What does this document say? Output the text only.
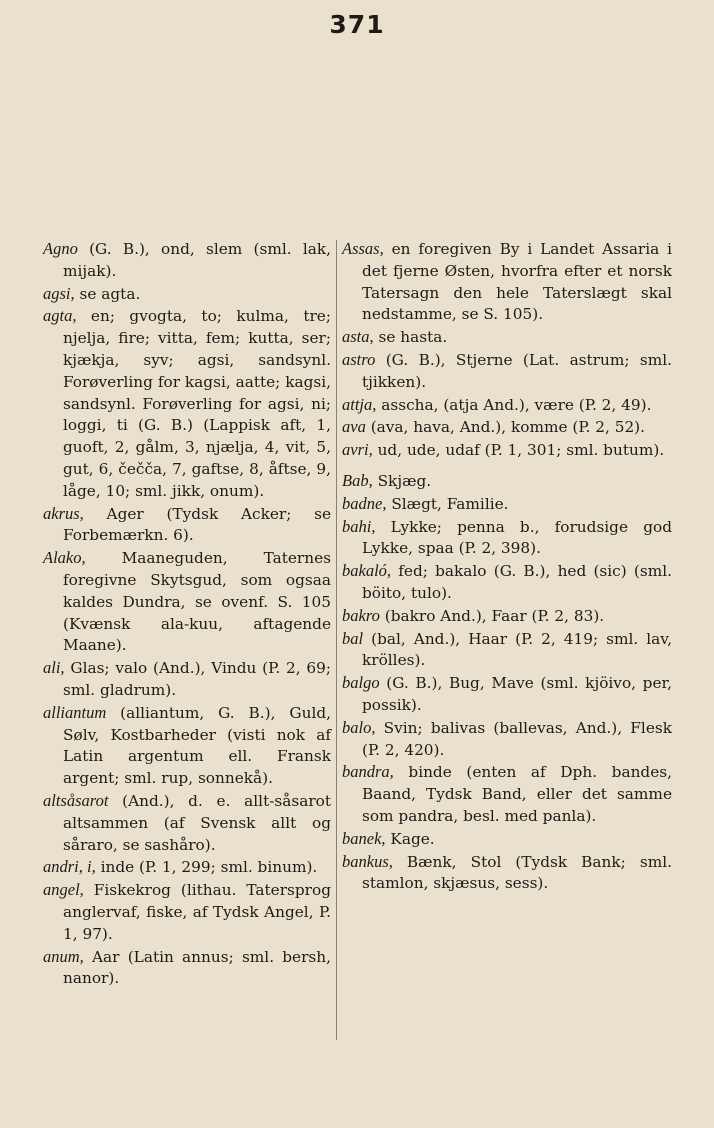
371

Agno (G. B.), ond, slem (sml. lak, mijak).

agsi, se agta.

agta, en; gvogta, to; kulma, tre; njelja, fire; vitta, fem; kutta, ser; kjækja, syv; agsi, sandsynl. Forøverling for kagsi, aatte; kagsi, sandsynl. Forøverling for agsi, ni; loggi, ti (G. B.) (Lappisk aft, 1, guoft, 2, gålm, 3, njælja, 4, vit, 5, gut, 6, čečča, 7, gaftse, 8, åftse, 9, låge, 10; sml. jikk, onum).

akrus, Ager (Tydsk Acker; se Forbemærkn. 6).

Alako, Maaneguden, Taternes foregivne Skytsgud, som ogsaa kaldes Dundra, se ovenf. S. 105 (Kvænsk ala-kuu, aftagende Maane).

ali, Glas; valo (And.), Vindu (P. 2, 69; sml. gladrum).

alliantum (alliantum, G. B.), Guld, Sølv, Kostbarheder (visti nok af Latin argentum ell. Fransk argent; sml. rup, sonnekå).

altsåsarot (And.), d. e. allt-såsarot altsammen (af Svensk allt og såraro, se sashåro).

andri, i, inde (P. 1, 299; sml. binum).

angel, Fiskekrog (lithau. Tatersprog anglervaf, fiske, af Tydsk Angel, P. 1, 97).

anum, Aar (Latin annus; sml. bersh, nanor).

Assas, en foregiven By i Landet Assaria i det fjerne Østen, hvorfra efter et norsk Tatersagn den hele Taterslægt skal nedstamme, se S. 105).

asta, se hasta.

astro (G. B.), Stjerne (Lat. astrum; sml. tjikken).

attja, asscha, (atja And.), være (P. 2, 49).

ava (ava, hava, And.), komme (P. 2, 52).

avri, ud, ude, udaf (P. 1, 301; sml. butum).

Bab, Skjæg.

badne, Slægt, Familie.

bahi, Lykke; penna b., forudsige god Lykke, spaa (P. 2, 398).

bakaló, fed; bakalo (G. B.), hed (sic) (sml. böito, tulo).

bakro (bakro And.), Faar (P. 2, 83).

bal (bal, And.), Haar (P. 2, 419; sml. lav, krölles).

balgo (G. B.), Bug, Mave (sml. kjöivo, per, possik).

balo, Svin; balivas (ballevas, And.), Flesk (P. 2, 420).

bandra, binde (enten af Dph. bandes, Baand, Tydsk Band, eller det samme som pandra, besl. med panla).

banek, Kage.

bankus, Bænk, Stol (Tydsk Bank; sml. stamlon, skjæsus, sess).
